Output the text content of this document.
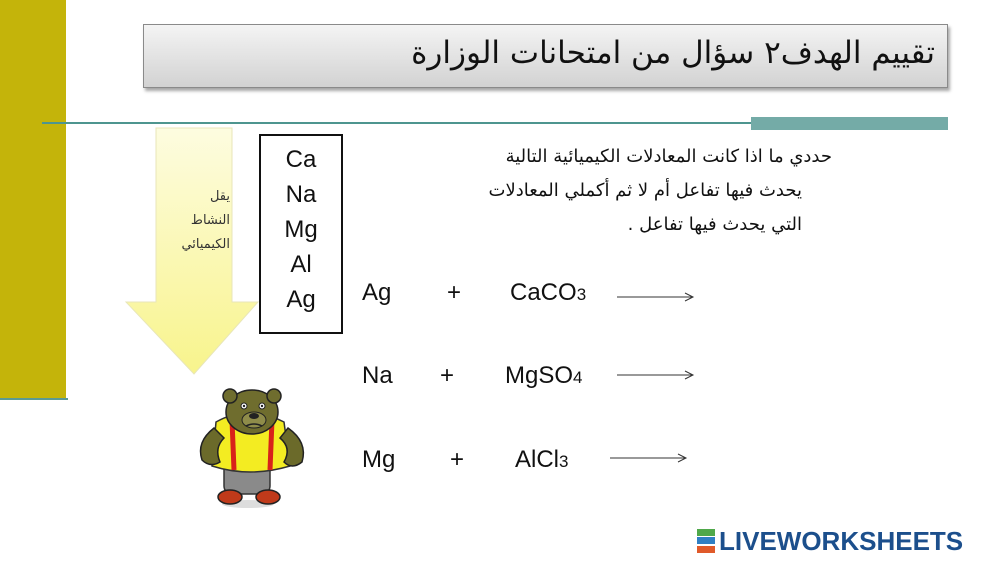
تقييم الهدف٢ سؤال من امتحانات الوزارة
يقل
النشاط
الكيميائي
Ca
Na
Mg
Al
Ag
حددي ما اذا كانت المعادلات الكيميائية التالية
يحدث فيها تفاعل أم لا ثم أكملي المعادلات
التي يحدث فيها تفاعل .
Ag + CaCO3
Na + MgSO4
Mg + AlCl3
LIVEWORKSHEETS
